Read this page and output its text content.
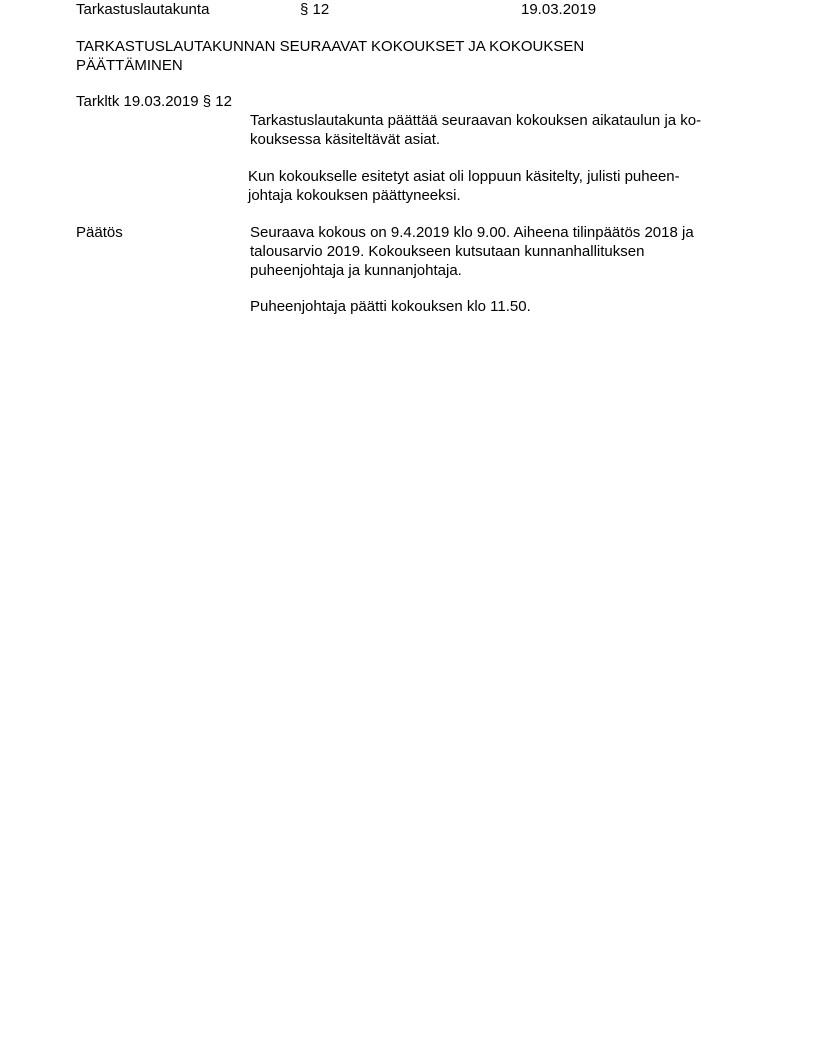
Tarkastuslautakunta	§ 12	19.03.2019
TARKASTUSLAUTAKUNNAN SEURAAVAT KOKOUKSET JA KOKOUKSEN
PÄÄTTÄMINEN
Tarkltk 19.03.2019 § 12
Tarkastuslautakunta päättää seuraavan kokouksen aikataulun ja ko-
kouksessa käsiteltävät asiat.
Kun kokoukselle esitetyt asiat oli loppuun käsitelty, julisti puheen-
johtaja kokouksen päättyneeksi.
Päätös	Seuraava kokous on 9.4.2019 klo 9.00. Aiheena tilinpäätös 2018 ja
talousarvio 2019. Kokoukseen kutsutaan kunnanhallituksen
puheenjohtaja ja kunnanjohtaja.
Puheenjohtaja päätti kokouksen klo 11.50.
